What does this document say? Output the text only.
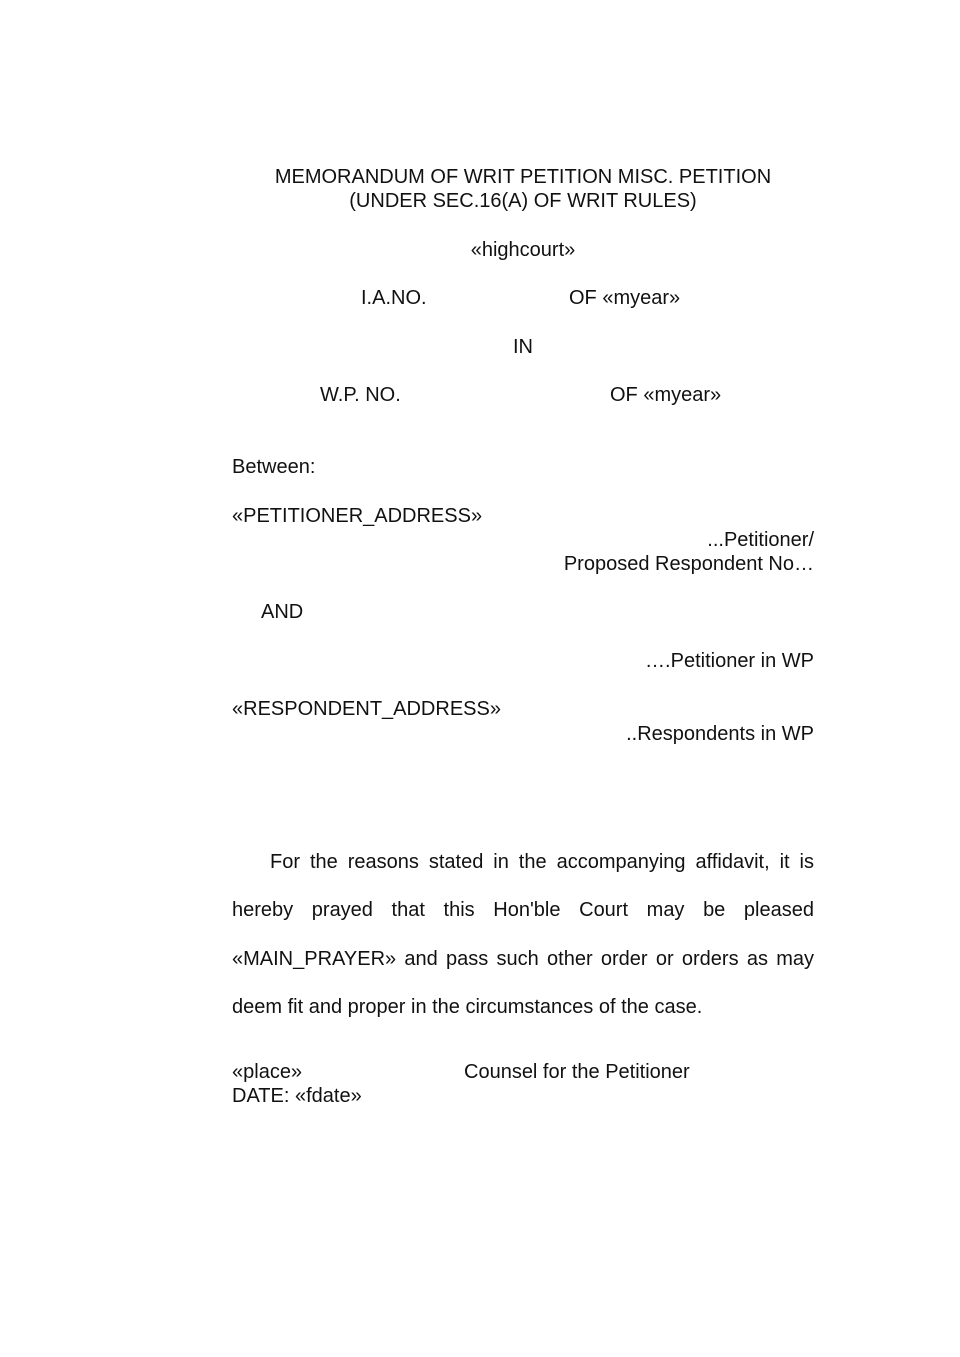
MEMORANDUM OF WRIT PETITION MISC. PETITION
(UNDER SEC.16(A) OF WRIT RULES)
«highcourt»
I.A.NO.	OF «myear»
IN
W.P. NO.	OF «myear»
Between:
«PETITIONER_ADDRESS»
...Petitioner/
Proposed Respondent No…
AND
….Petitioner in WP
«RESPONDENT_ADDRESS»
..Respondents in WP
For the reasons stated in the accompanying affidavit, it is hereby prayed that this Hon'ble Court may be pleased «MAIN_PRAYER» and pass such other order or orders as may deem fit and proper in the circumstances of the case.
«place»	Counsel for the Petitioner
DATE: «fdate»
